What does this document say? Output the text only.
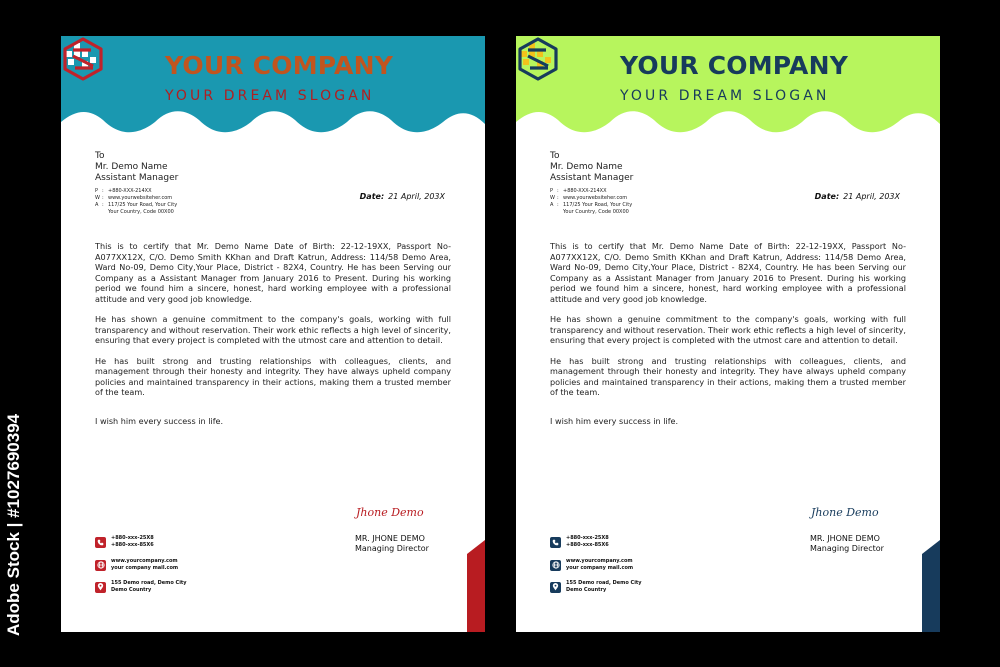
Adobe Stock | #1027690394
YOUR COMPANY
YOUR DREAM SLOGAN
To
Mr. Demo Name
Assistant Manager
P : +880-XXX-214XX
W : www.yourwebsiteher.com
A : 117/25 Your Road, Your City
Your Country, Code 00X00
Date: 21 April, 203X

This is to certify that Mr. Demo Name Date of Birth: 22-12-19XX, Passport No-A077XX12X, C/O. Demo Smith KKhan and Draft Katrun, Address: 114/58 Demo Area, Ward No-09, Demo City,Your Place, District - 82X4, Country. He has been Serving our Company as a Assistant Manager from January 2016 to Present. During his working period we found him a sincere, honest, hard working employee with a professional attitude and very good job knowledge.

He has shown a genuine commitment to the company's goals, working with full transparency and without reservation. Their work ethic reflects a high level of sincerity, ensuring that every project is completed with the utmost care and attention to detail.

He has built strong and trusting relationships with colleagues, clients, and management through their honesty and integrity. They have always upheld company policies and maintained transparency in their actions, making them a trusted member of the team.

I wish him every success in life.

Jhone Demo
MR. JHONE DEMO
Managing Director
+880-xxx-25X8
+880-xxx-85X6
www.yourcompany.com
your company mail.com
155 Demo road, Demo City
Demo Country
YOUR COMPANY
YOUR DREAM SLOGAN
To
Mr. Demo Name
Assistant Manager
P : +880-XXX-214XX
W : www.yourwebsiteher.com
A : 117/25 Your Road, Your City
Your Country, Code 00X00
Date: 21 April, 203X

This is to certify that Mr. Demo Name Date of Birth: 22-12-19XX, Passport No-A077XX12X, C/O. Demo Smith KKhan and Draft Katrun, Address: 114/58 Demo Area, Ward No-09, Demo City,Your Place, District - 82X4, Country. He has been Serving our Company as a Assistant Manager from January 2016 to Present. During his working period we found him a sincere, honest, hard working employee with a professional attitude and very good job knowledge.

He has shown a genuine commitment to the company's goals, working with full transparency and without reservation. Their work ethic reflects a high level of sincerity, ensuring that every project is completed with the utmost care and attention to detail.

He has built strong and trusting relationships with colleagues, clients, and management through their honesty and integrity. They have always upheld company policies and maintained transparency in their actions, making them a trusted member of the team.

I wish him every success in life.

Jhone Demo
MR. JHONE DEMO
Managing Director
+880-xxx-25X8
+880-xxx-85X6
www.yourcompany.com
your company mail.com
155 Demo road, Demo City
Demo Country
